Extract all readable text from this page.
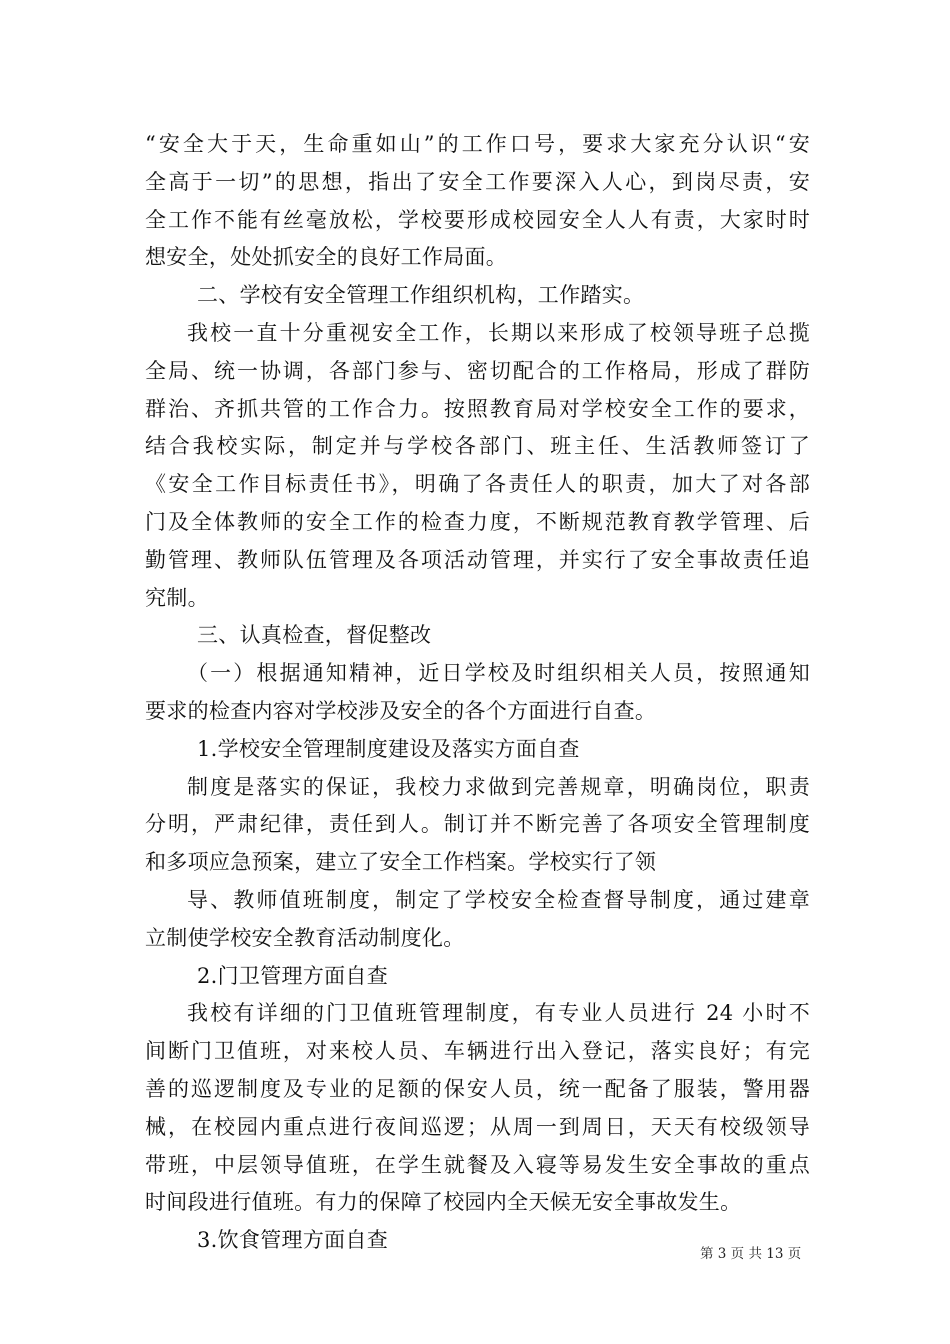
“安全大于天，生命重如山”的工作口号，要求大家充分认识“安
全高于一切”的思想，指出了安全工作要深入人心，到岗尽责，安
全工作不能有丝毫放松，学校要形成校园安全人人有责，大家时时
想安全，处处抓安全的良好工作局面。
二、学校有安全管理工作组织机构，工作踏实。
我校一直十分重视安全工作，长期以来形成了校领导班子总揽
全局、统一协调，各部门参与、密切配合的工作格局，形成了群防
群治、齐抓共管的工作合力。按照教育局对学校安全工作的要求，
结合我校实际，制定并与学校各部门、班主任、生活教师签订了
《安全工作目标责任书》，明确了各责任人的职责，加大了对各部
门及全体教师的安全工作的检查力度，不断规范教育教学管理、后
勤管理、教师队伍管理及各项活动管理，并实行了安全事故责任追
究制。
三、认真检查，督促整改
（一）根据通知精神，近日学校及时组织相关人员，按照通知
要求的检查内容对学校涉及安全的各个方面进行自查。
1.学校安全管理制度建设及落实方面自查
制度是落实的保证，我校力求做到完善规章，明确岗位，职责
分明，严肃纪律，责任到人。制订并不断完善了各项安全管理制度
和多项应急预案，建立了安全工作档案。学校实行了领
导、教师值班制度，制定了学校安全检查督导制度，通过建章
立制使学校安全教育活动制度化。
2.门卫管理方面自查
我校有详细的门卫值班管理制度，有专业人员进行 24 小时不
间断门卫值班，对来校人员、车辆进行出入登记，落实良好；有完
善的巡逻制度及专业的足额的保安人员，统一配备了服装，警用器
械，在校园内重点进行夜间巡逻；从周一到周日，天天有校级领导
带班，中层领导值班，在学生就餐及入寝等易发生安全事故的重点
时间段进行值班。有力的保障了校园内全天候无安全事故发生。
3.饮食管理方面自查
第 3 页 共 13 页
